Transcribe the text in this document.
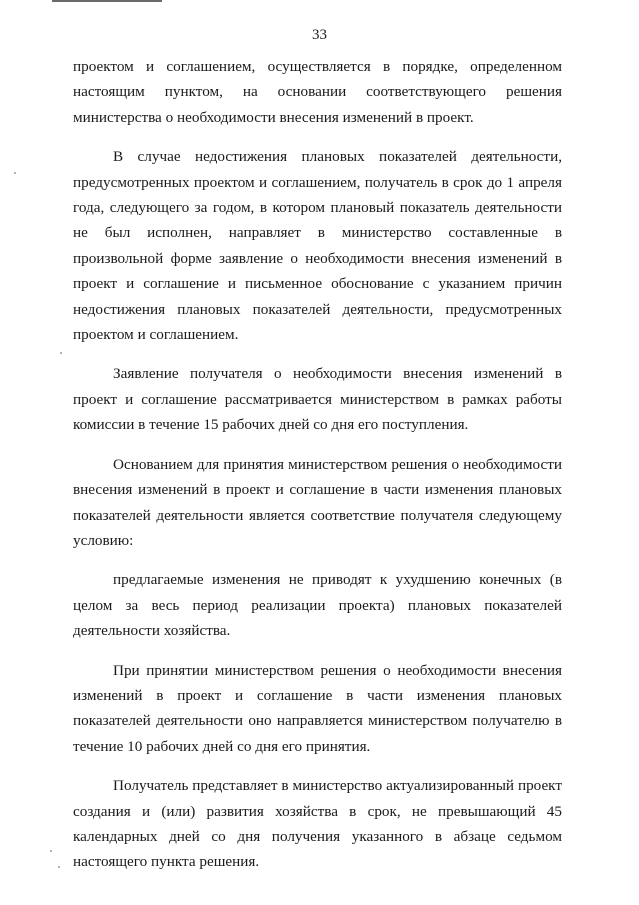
33

проектом и соглашением, осуществляется в порядке, определенном настоящим пунктом, на основании соответствующего решения министерства о необходимости внесения изменений в проект.

В случае недостижения плановых показателей деятельности, предусмотренных проектом и соглашением, получатель в срок до 1 апреля года, следующего за годом, в котором плановый показатель деятельности не был исполнен, направляет в министерство составленные в произвольной форме заявление о необходимости внесения изменений в проект и соглашение и письменное обоснование с указанием причин недостижения плановых показателей деятельности, предусмотренных проектом и соглашением.

Заявление получателя о необходимости внесения изменений в проект и соглашение рассматривается министерством в рамках работы комиссии в течение 15 рабочих дней со дня его поступления.

Основанием для принятия министерством решения о необходимости внесения изменений в проект и соглашение в части изменения плановых показателей деятельности является соответствие получателя следующему условию:

предлагаемые изменения не приводят к ухудшению конечных (в целом за весь период реализации проекта) плановых показателей деятельности хозяйства.

При принятии министерством решения о необходимости внесения изменений в проект и соглашение в части изменения плановых показателей деятельности оно направляется министерством получателю в течение 10 рабочих дней со дня его принятия.

Получатель представляет в министерство актуализированный проект создания и (или) развития хозяйства в срок, не превышающий 45 календарных дней со дня получения указанного в абзаце седьмом настоящего пункта решения.
